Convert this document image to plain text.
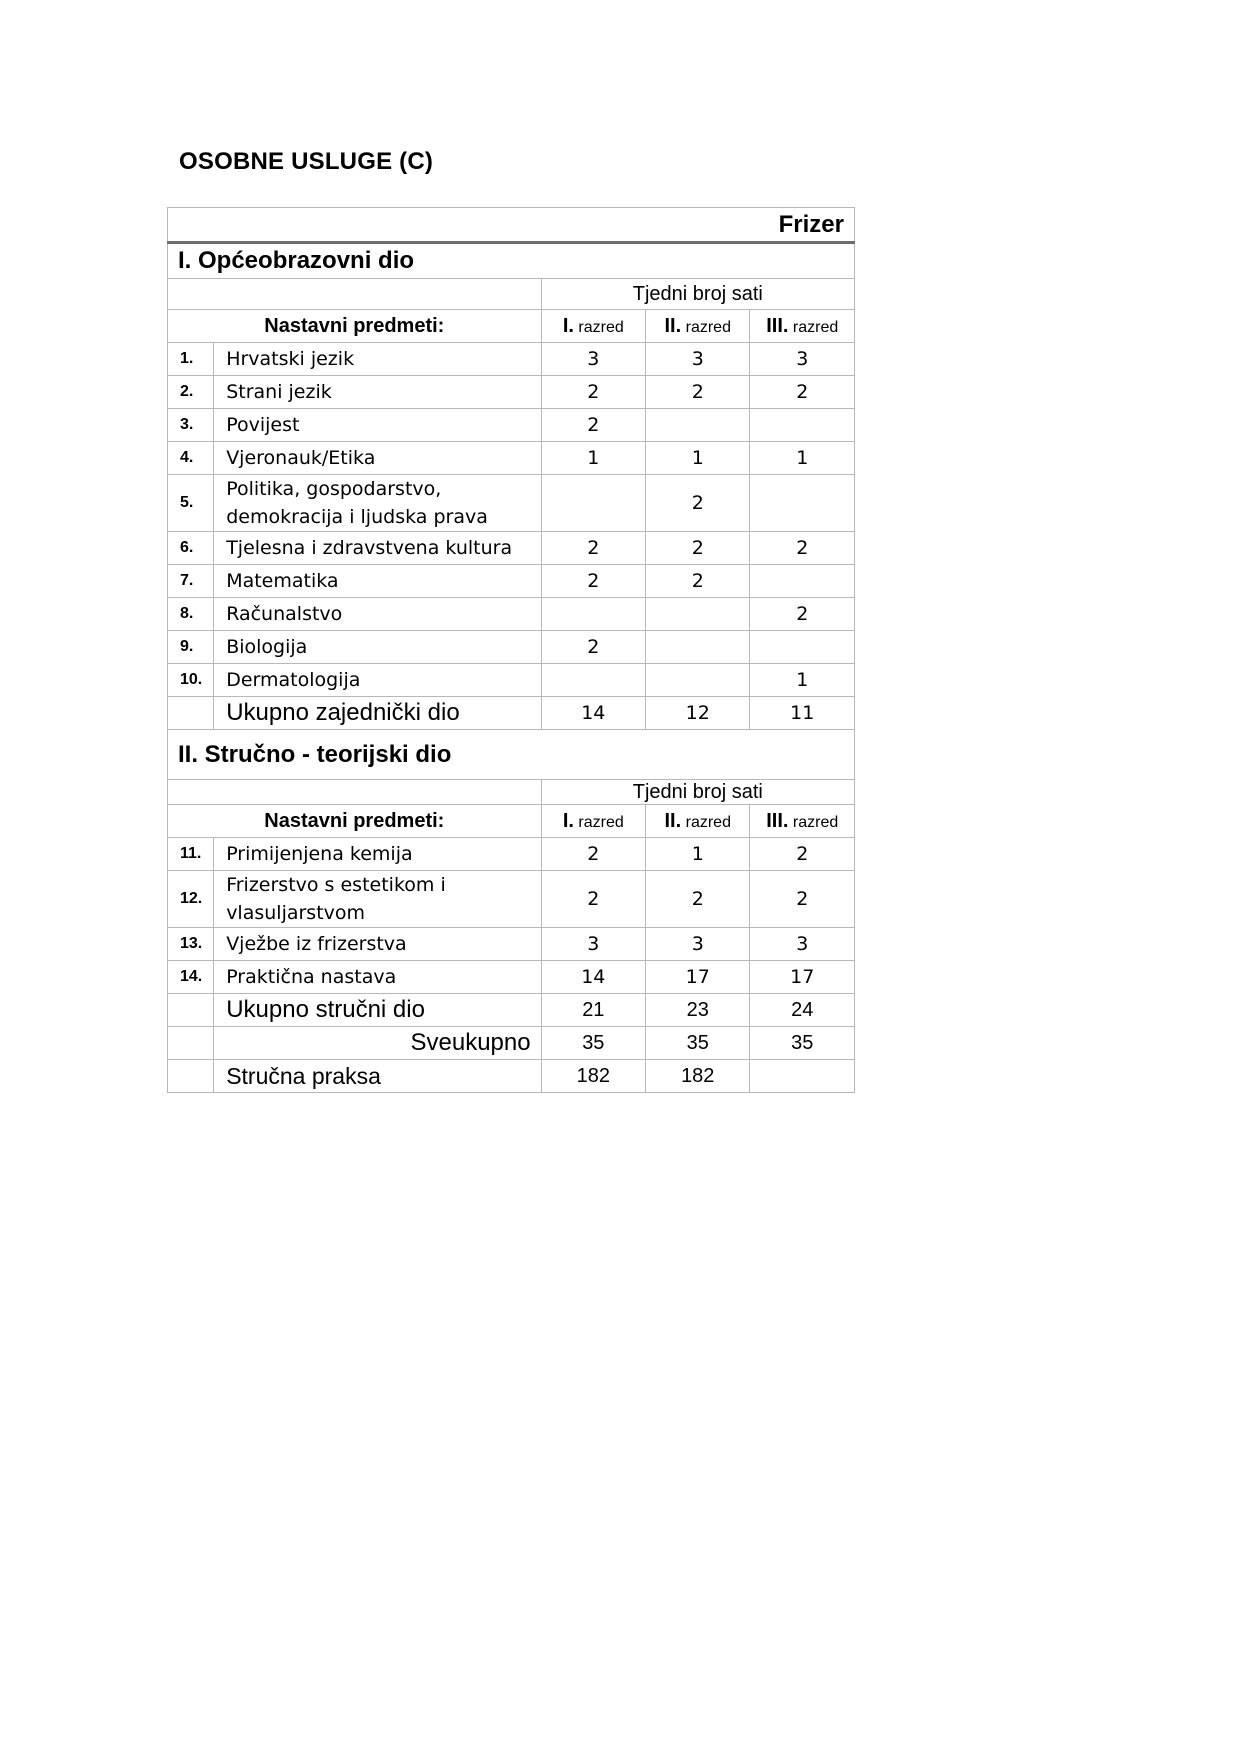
OSOBNE USLUGE (C)
Frizer				
I. Općeobrazovni dio				
		Tjedni broj sati		
Nastavni predmeti:		I. razred	II. razred	III. razred
1.	Hrvatski jezik	3	3	3
2.	Strani jezik	2	2	2
3.	Povijest	2		
4.	Vjeronauk/Etika	1	1	1
5.	Politika, gospodarstvo,
demokracija i ljudska prava		2	
6.	Tjelesna i zdravstvena kultura	2	2	2
7.	Matematika	2	2	
8.	Računalstvo			2
9.	Biologija	2		
10.	Dermatologija			1
	Ukupno zajednički dio	14	12	11
II. Stručno - teorijski dio				
		Tjedni broj sati		
Nastavni predmeti:		I. razred	II. razred	III. razred
11.	Primijenjena kemija	2	1	2
12.	Frizerstvo s estetikom i
vlasuljarstvom	2	2	2
13.	Vježbe iz frizerstva	3	3	3
14.	Praktična nastava	14	17	17
	Ukupno stručni dio	21	23	24
	Sveukupno	35	35	35
	Stručna praksa	182	182	
